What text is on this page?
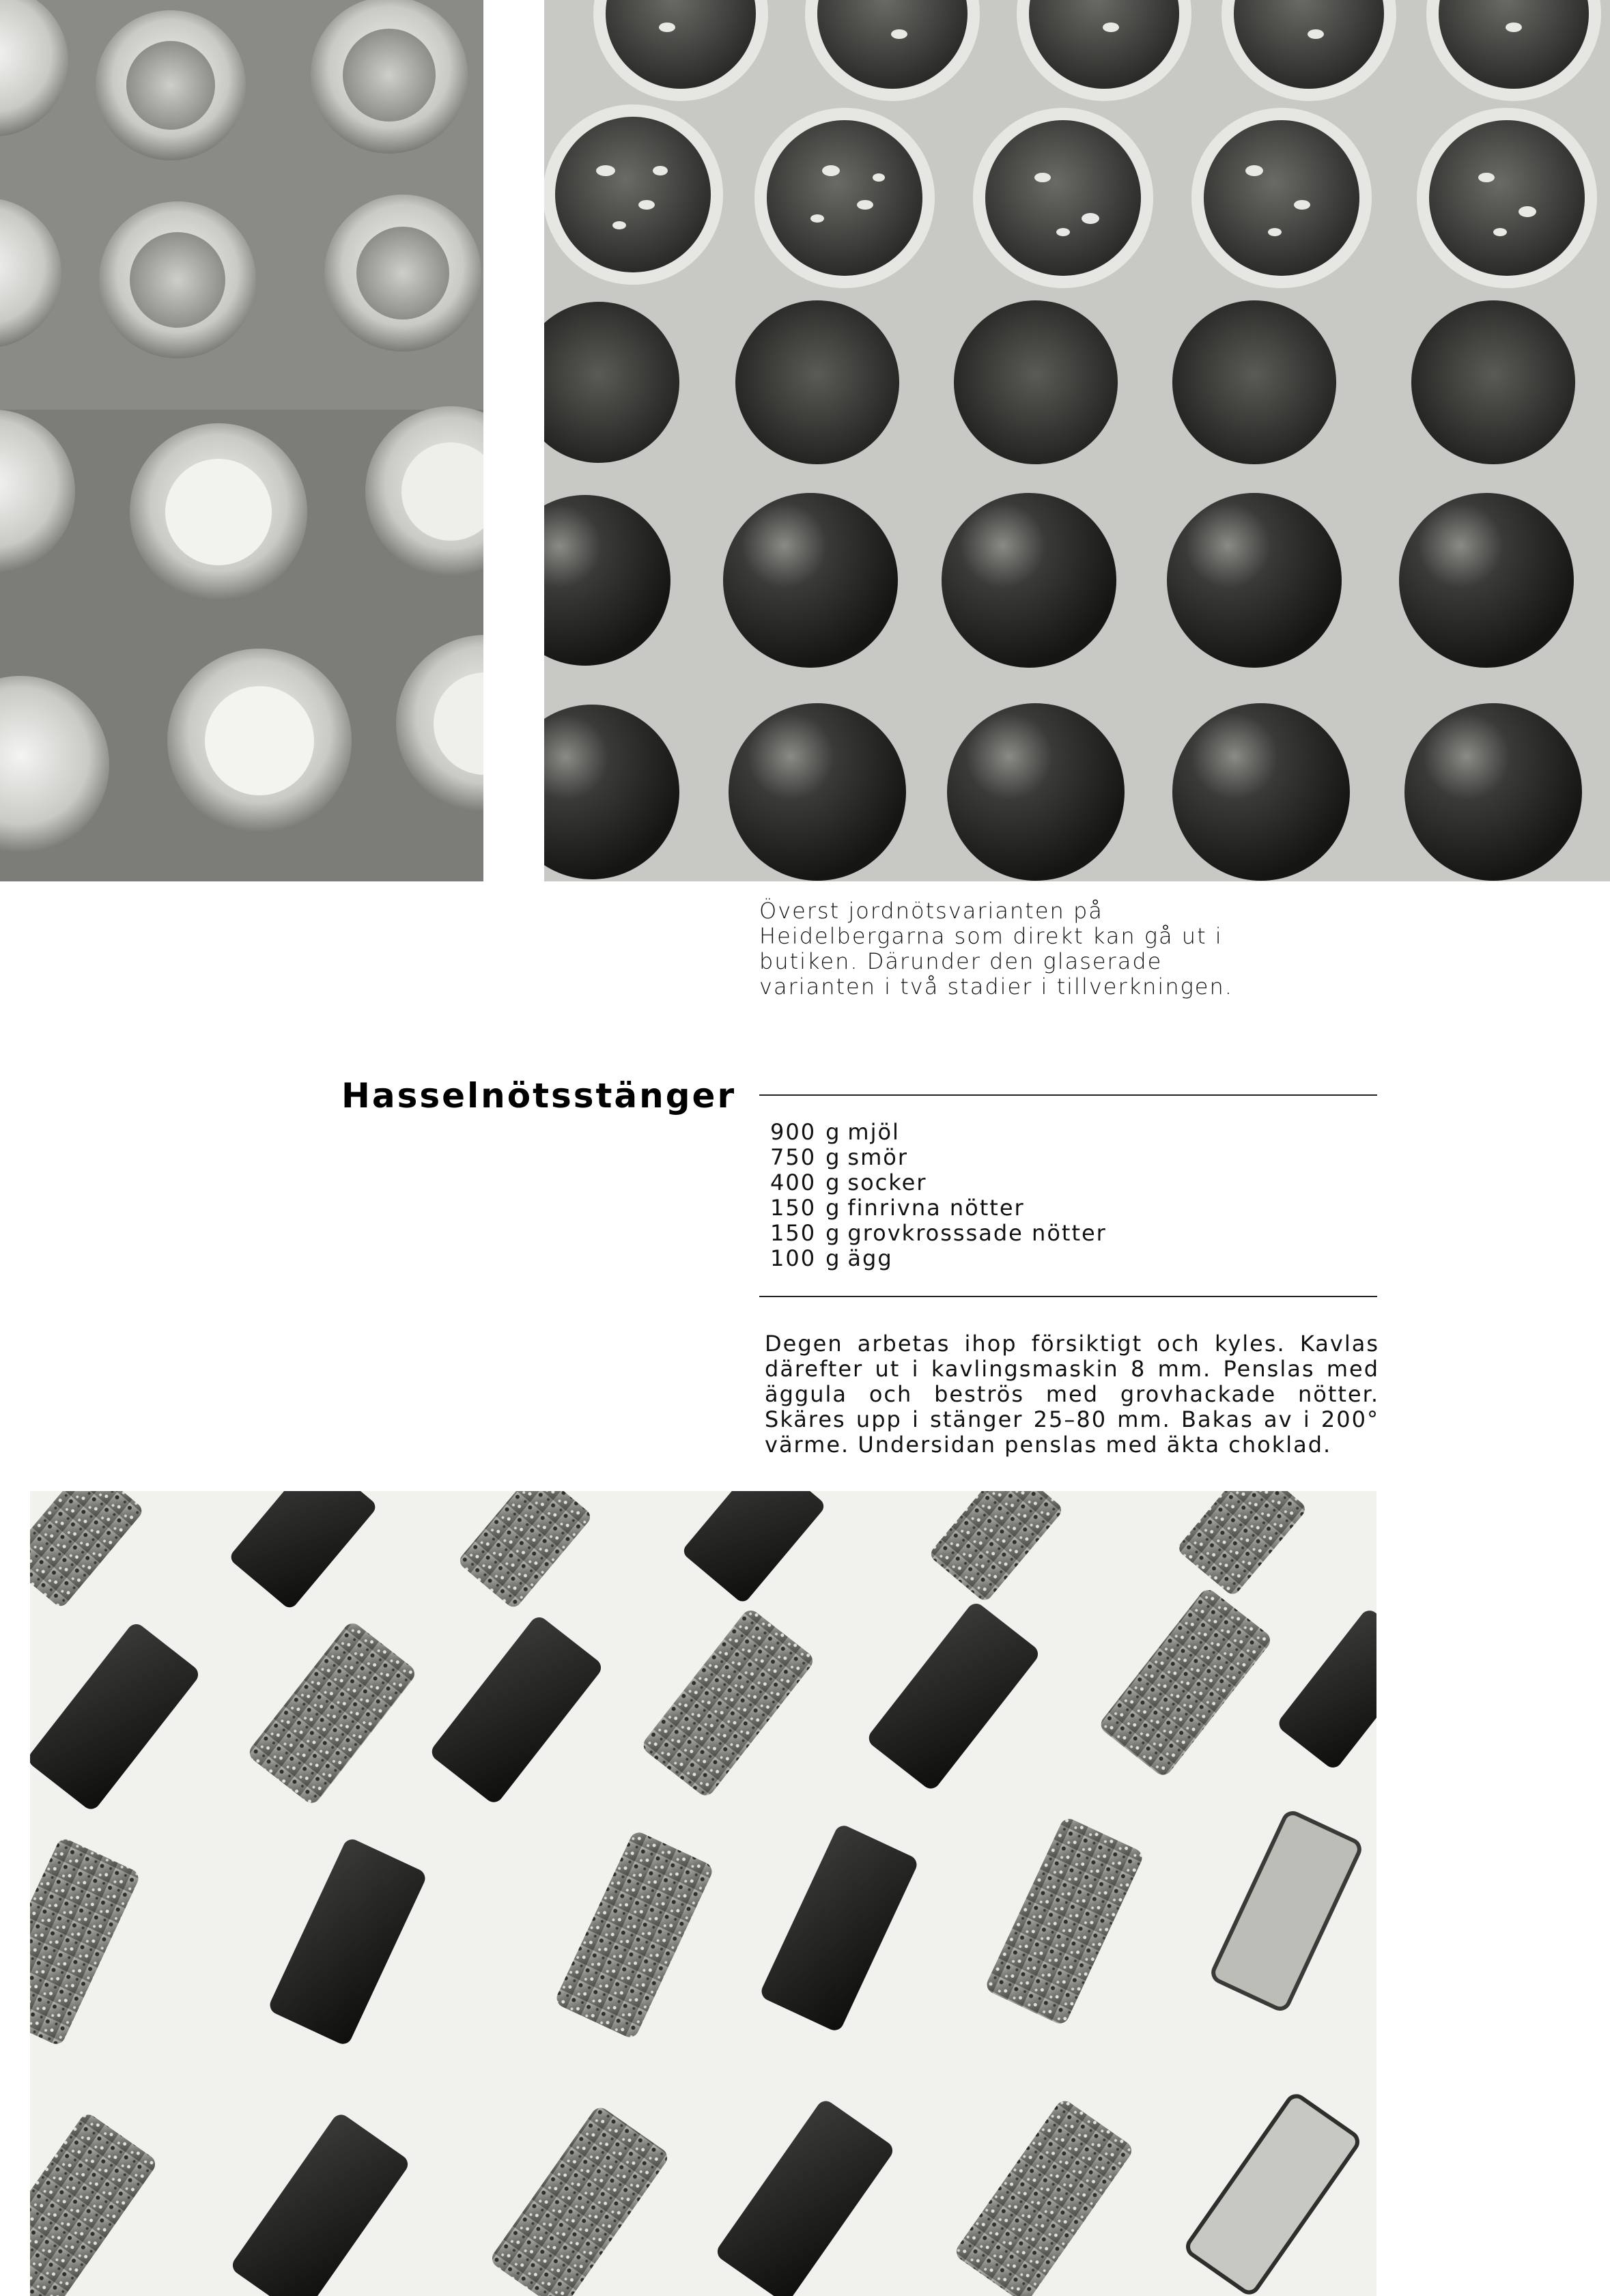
Överst jordnötsvarianten på Heidelbergarna som direkt kan gå ut i butiken. Därunder den glaserade varianten i två stadier i tillverkningen.

Hasselnötsstänger
900 g mjöl
750 g smör
400 g socker
150 g finrivna nötter
150 g grovkrosssade nötter
100 g ägg

Degen arbetas ihop försiktigt och kyles. Kavlas därefter ut i kavlingsmaskin 8 mm. Penslas med äggula och beströs med grovhackade nötter. Skäres upp i stänger 25–80 mm. Bakas av i 200° värme. Undersidan penslas med äkta choklad.
